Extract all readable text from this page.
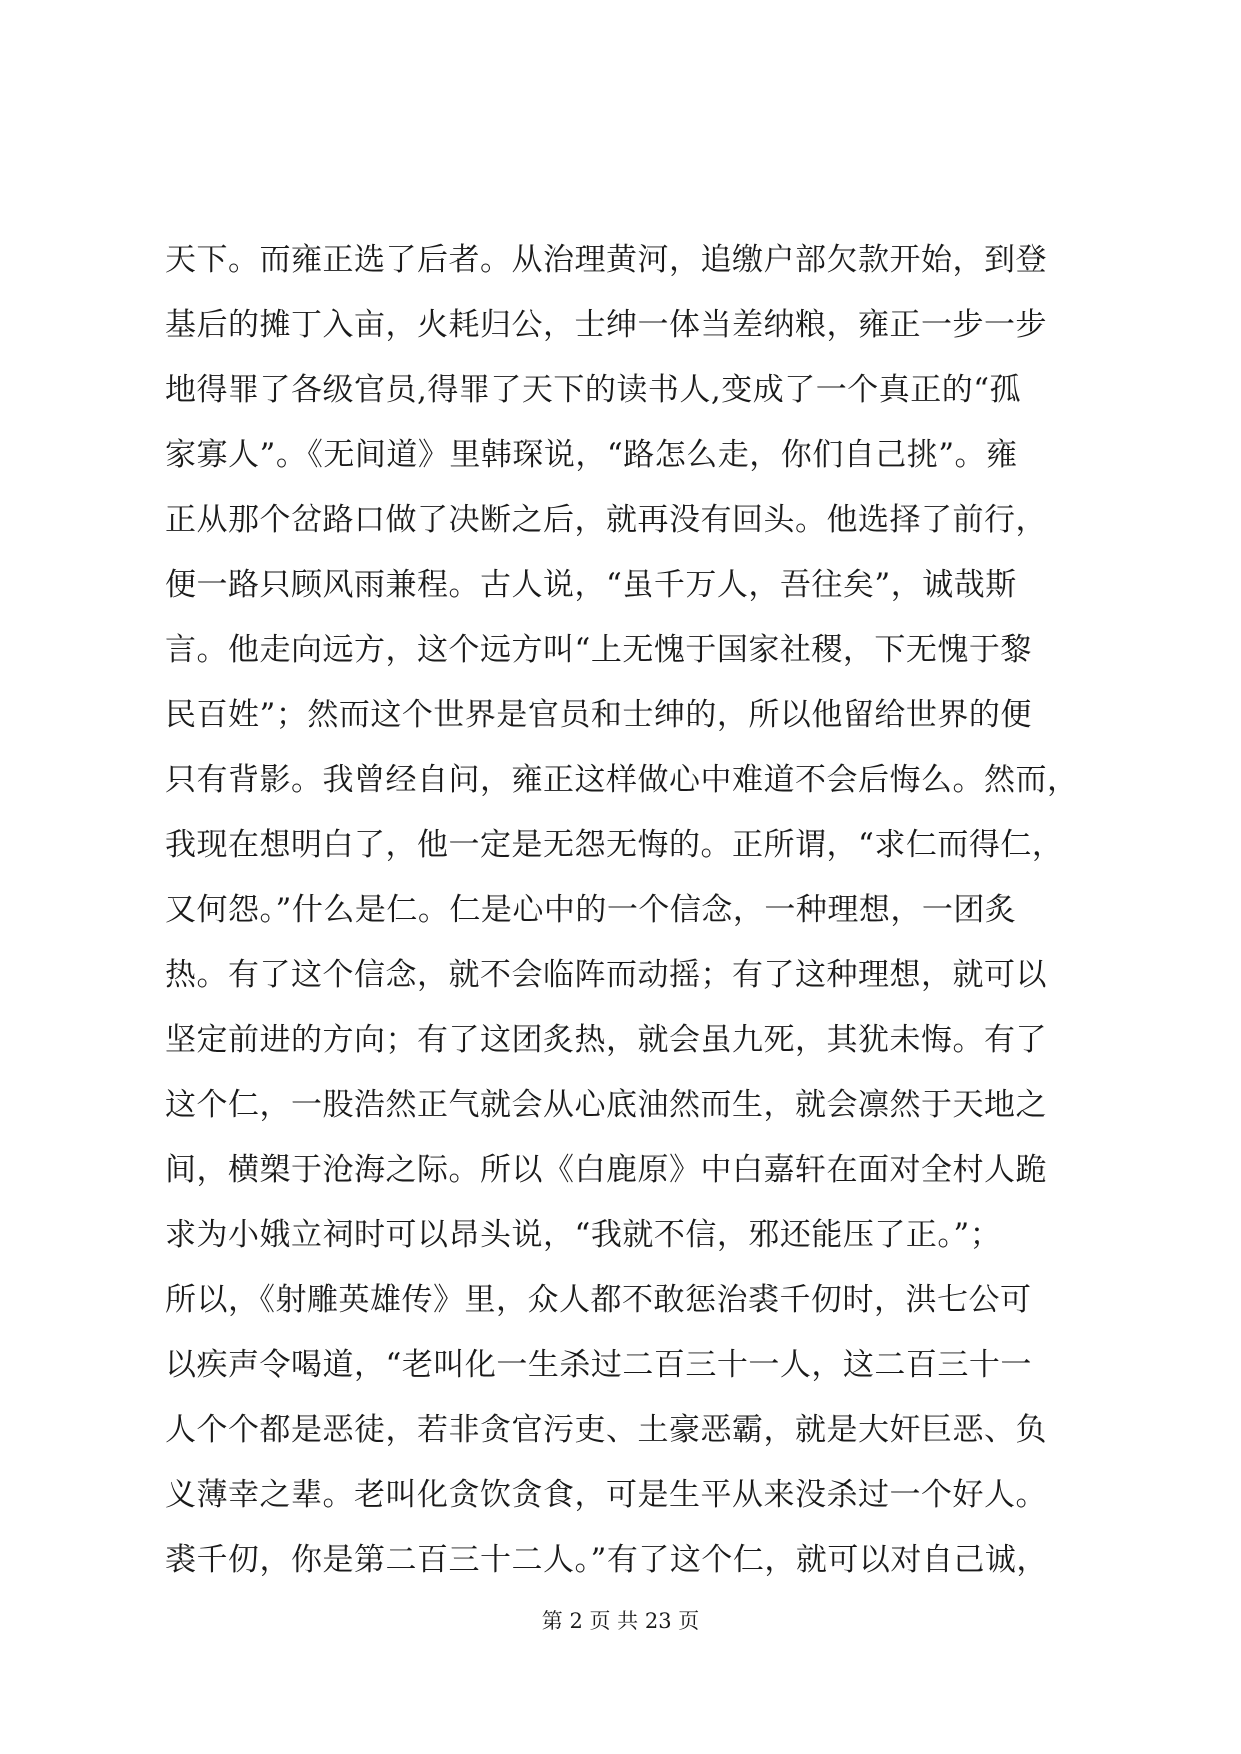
天下。而雍正选了后者。从治理黄河，追缴户部欠款开始，到登
基后的摊丁入亩，火耗归公，士绅一体当差纳粮，雍正一步一步
地得罪了各级官员,得罪了天下的读书人,变成了一个真正的“孤
家寡人”。《无间道》里韩琛说，“路怎么走，你们自己挑”。雍
正从那个岔路口做了决断之后，就再没有回头。他选择了前行，
便一路只顾风雨兼程。古人说，“虽千万人，吾往矣”，诚哉斯
言。他走向远方，这个远方叫“上无愧于国家社稷，下无愧于黎
民百姓”；然而这个世界是官员和士绅的，所以他留给世界的便
只有背影。我曾经自问，雍正这样做心中难道不会后悔么。然而，
我现在想明白了，他一定是无怨无悔的。正所谓，“求仁而得仁，
又何怨。”什么是仁。仁是心中的一个信念，一种理想，一团炙
热。有了这个信念，就不会临阵而动摇；有了这种理想，就可以
坚定前进的方向；有了这团炙热，就会虽九死，其犹未悔。有了
这个仁，一股浩然正气就会从心底油然而生，就会凛然于天地之
间，横槊于沧海之际。所以《白鹿原》中白嘉轩在面对全村人跪
求为小娥立祠时可以昂头说，“我就不信，邪还能压了正。”；
所以，《射雕英雄传》里，众人都不敢惩治裘千仞时，洪七公可
以疾声令喝道，“老叫化一生杀过二百三十一人，这二百三十一
人个个都是恶徒，若非贪官污吏、土豪恶霸，就是大奸巨恶、负
义薄幸之辈。老叫化贪饮贪食，可是生平从来没杀过一个好人。
裘千仞，你是第二百三十二人。”有了这个仁，就可以对自己诚，
第 2 页 共 23 页
